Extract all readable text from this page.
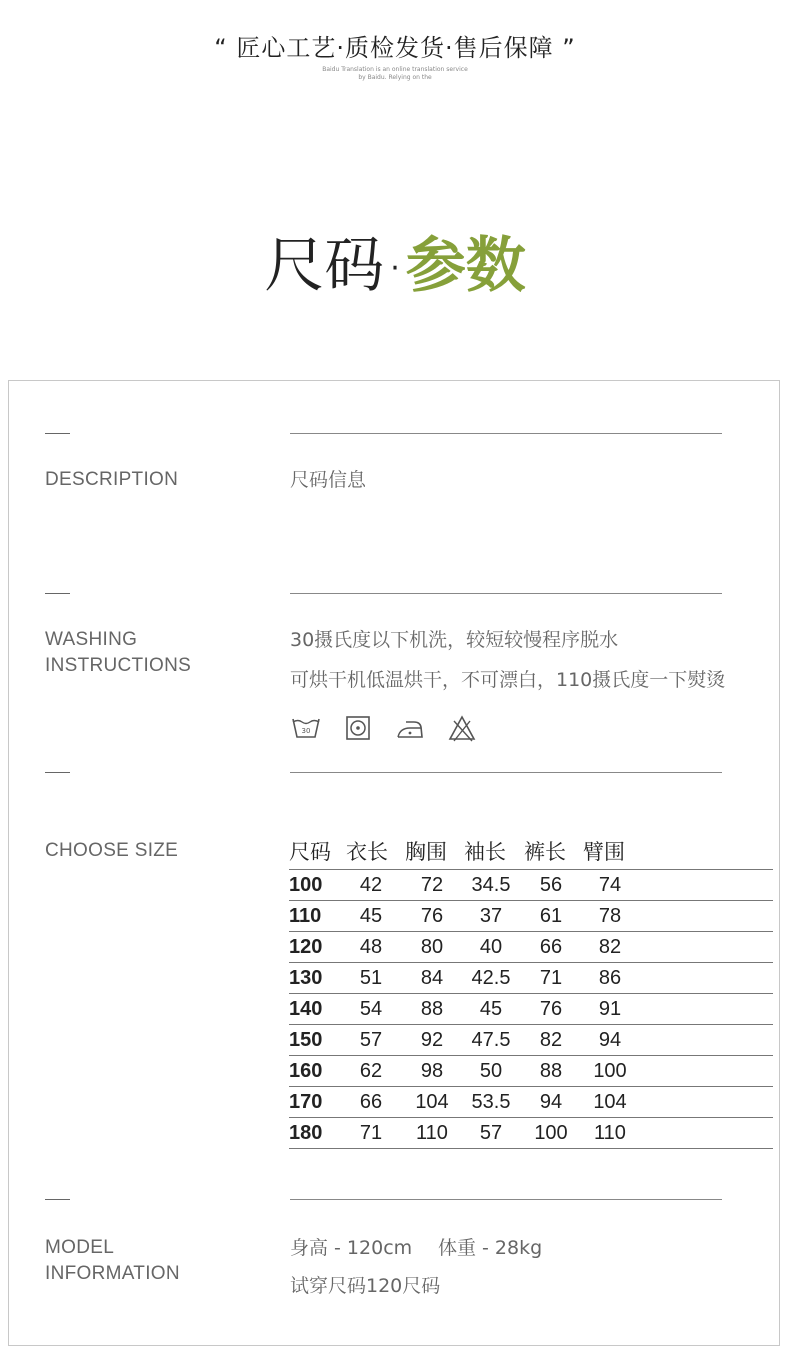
“ 匠心工艺·质检发货·售后保障 ”
Baidu Translation is an online translation service
by Baidu. Relying on the
尺码 · 参数
DESCRIPTION	尺码信息
WASHING
INSTRUCTIONS
30摄氏度以下机洗，较短较慢程序脱水
可烘干机低温烘干，不可漂白，110摄氏度一下熨烫
30
CHOOSE SIZE	尺码 衣长 胸围 袖长 裤长 臂围
100	42	72	34.5	56	74
110	45	76	37	61	78
120	48	80	40	66	82
130	51	84	42.5	71	86
140	54	88	45	76	91
150	57	92	47.5	82	94
160	62	98	50	88	100
170	66	104	53.5	94	104
180	71	110	57	100	110
MODEL
INFORMATION
身高 - 120cm 体重 - 28kg
试穿尺码120尺码
